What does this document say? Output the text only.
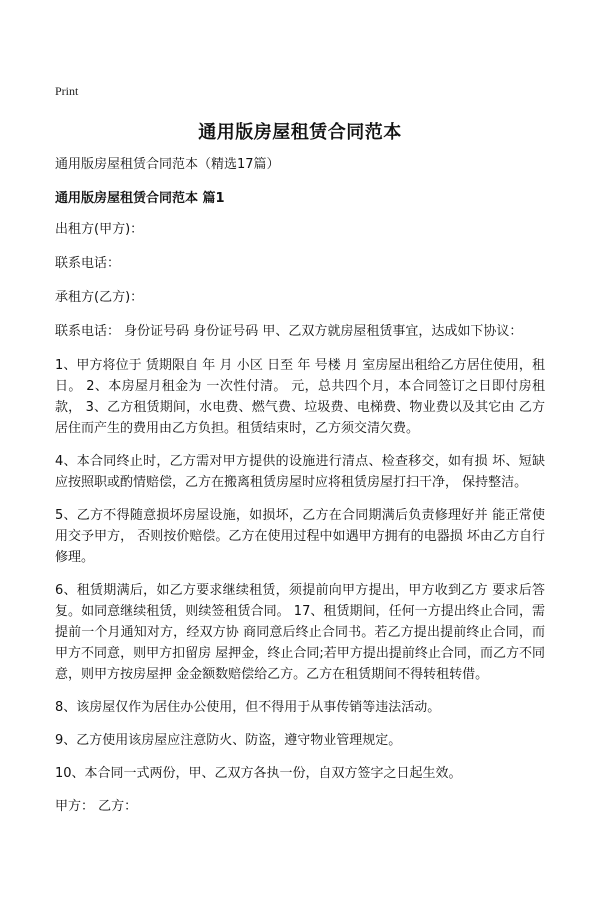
Print
通用版房屋租赁合同范本

通用版房屋租赁合同范本（精选17篇）

通用版房屋租赁合同范本 篇1

出租方(甲方)：

联系电话：

承租方(乙方)：

联系电话： 身份证号码 身份证号码 甲、乙双方就房屋租赁事宜，达成如下协议：

1、甲方将位于 赁期限自 年 月 小区 日至 年 号楼 月 室房屋出租给乙方居住使用，租 日。 2、本房屋月租金为 一次性付清。 元，总共四个月，本合同签订之日即付房租款， 3、乙方租赁期间，水电费、燃气费、垃圾费、电梯费、物业费以及其它由 乙方居住而产生的费用由乙方负担。租赁结束时，乙方须交清欠费。

4、本合同终止时，乙方需对甲方提供的设施进行清点、检查移交，如有损 坏、短缺应按照职或酌情赔偿，乙方在搬离租赁房屋时应将租赁房屋打扫干净， 保持整洁。

5、乙方不得随意损坏房屋设施，如损坏，乙方在合同期满后负责修理好并 能正常使用交予甲方， 否则按价赔偿。乙方在使用过程中如遇甲方拥有的电器损 坏由乙方自行修理。

6、租赁期满后，如乙方要求继续租赁，须提前向甲方提出，甲方收到乙方 要求后答复。如同意继续租赁，则续签租赁合同。 17、租赁期间，任何一方提出终止合同，需提前一个月通知对方，经双方协 商同意后终止合同书。若乙方提出提前终止合同，而甲方不同意，则甲方扣留房 屋押金，终止合同;若甲方提出提前终止合同，而乙方不同意，则甲方按房屋押 金金额数赔偿给乙方。乙方在租赁期间不得转租转借。

8、该房屋仅作为居住办公使用，但不得用于从事传销等违法活动。

9、乙方使用该房屋应注意防火、防盗，遵守物业管理规定。

10、本合同一式两份，甲、乙双方各执一份，自双方签字之日起生效。

甲方： 乙方：
